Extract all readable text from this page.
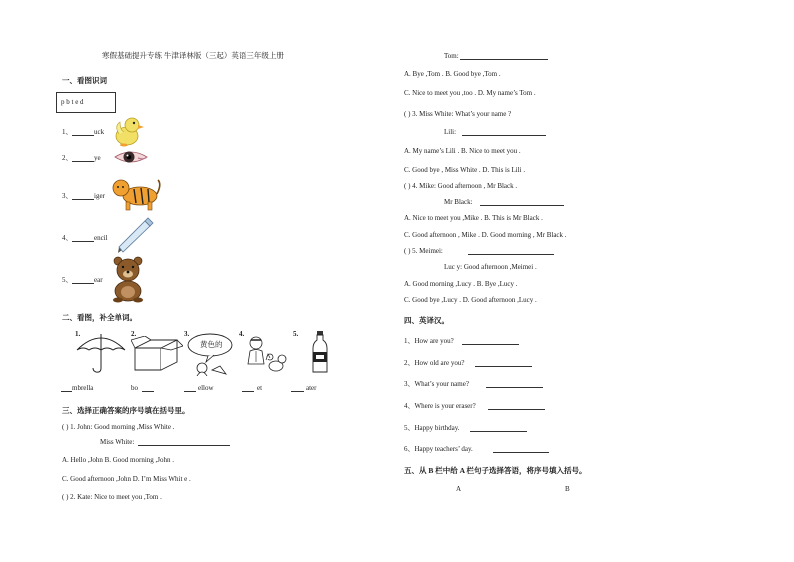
寒假基础提升专练 牛津译林版（三起）英语三年级上册
一、看图识词
p b t e d
1、	uck
2、	ye
3、	iger
4、	encil
5、	ear
二、看图，补全单词。
1.	2.	3.	4.	5.
黄色的
mbrella	bo	ellow	et	ater
三、选择正确答案的序号填在括号里。
( ) 1. John: Good morning ,Miss White .
Miss White:
A. Hello ,John B. Good morning ,John .
C. Good afternoon ,John D. I’m Miss Whit e .
( ) 2. Kate: Nice to meet you ,Tom .
Tom:
A. Bye ,Tom . B. Good bye ,Tom .
C. Nice to meet you ,too . D. My name’s Tom .
( ) 3. Miss White: What’s your name ?
Lili:
A. My name’s Lili . B. Nice to meet you .
C. Good bye , Miss White . D. This is Lili .
( ) 4. Mike: Good afternoon , Mr Black .
Mr Black:
A. Nice to meet you ,Mike . B. This is Mr Black .
C. Good afternoon , Mike . D. Good morning , Mr Black .
( ) 5. Meimei:
Luc y: Good afternoon ,Meimei .
A. Good morning ,Lucy . B. Bye ,Lucy .
C. Good bye ,Lucy . D. Good afternoon ,Lucy .
四、英译汉。
1、How are you?
2、How old are you?
3、What’s your name?
4、Where is your eraser?
5、Happy birthday.
6、Happy teachers’ day.
五、从 B 栏中给 A 栏句子选择答语，将序号填入括号。
A	B
